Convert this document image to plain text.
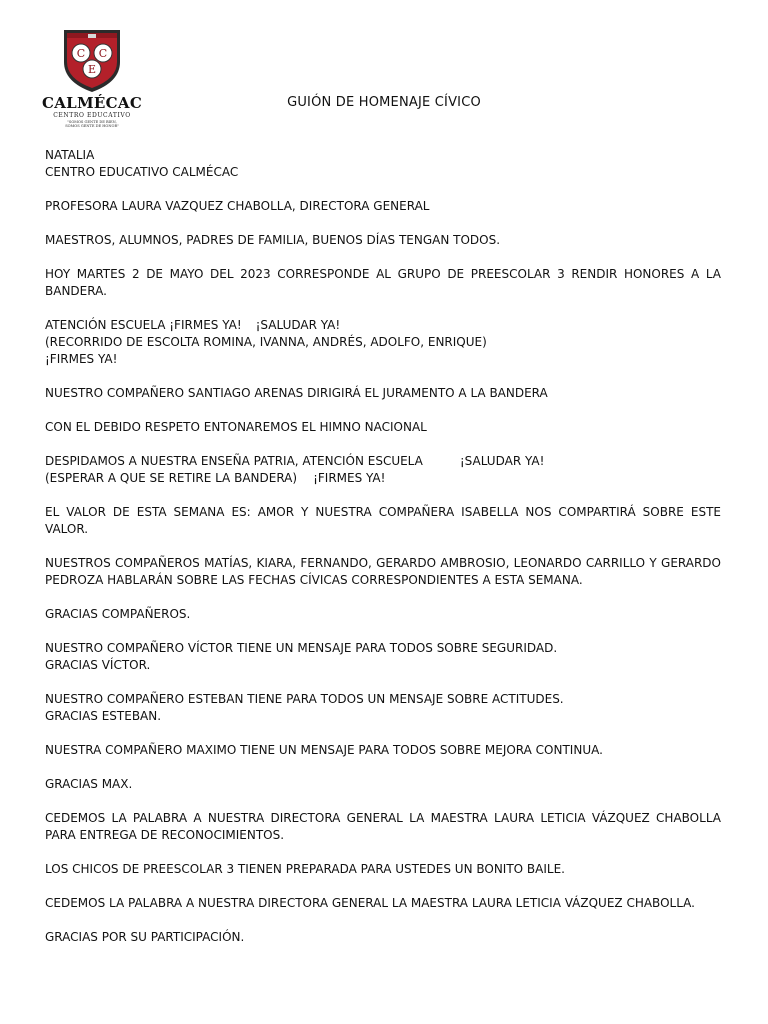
C C
E
CALMÉCAC
CENTRO EDUCATIVO
"SOMOS GENTE DE BIEN,
SOMOS GENTE DE HONOR"
GUIÓN DE HOMENAJE CÍVICO

NATALIA

CENTRO EDUCATIVO CALMÉCAC

PROFESORA LAURA VAZQUEZ CHABOLLA, DIRECTORA GENERAL

MAESTROS, ALUMNOS, PADRES DE FAMILIA, BUENOS DÍAS TENGAN TODOS.

HOY MARTES 2 DE MAYO DEL 2023 CORRESPONDE AL GRUPO DE PREESCOLAR 3 RENDIR HONORES A LA BANDERA.

ATENCIÓN ESCUELA ¡FIRMES YA! ¡SALUDAR YA!

(RECORRIDO DE ESCOLTA ROMINA, IVANNA, ANDRÉS, ADOLFO, ENRIQUE)

¡FIRMES YA!

NUESTRO COMPAÑERO SANTIAGO ARENAS DIRIGIRÁ EL JURAMENTO A LA BANDERA

CON EL DEBIDO RESPETO ENTONAREMOS EL HIMNO NACIONAL

DESPIDAMOS A NUESTRA ENSEÑA PATRIA, ATENCIÓN ESCUELA	¡SALUDAR YA!

(ESPERAR A QUE SE RETIRE LA BANDERA) ¡FIRMES YA!

EL VALOR DE ESTA SEMANA ES: AMOR Y NUESTRA COMPAÑERA ISABELLA NOS COMPARTIRÁ SOBRE ESTE VALOR.

NUESTROS COMPAÑEROS MATÍAS, KIARA, FERNANDO, GERARDO AMBROSIO, LEONARDO CARRILLO Y GERARDO PEDROZA HABLARÁN SOBRE LAS FECHAS CÍVICAS CORRESPONDIENTES A ESTA SEMANA.

GRACIAS COMPAÑEROS.

NUESTRO COMPAÑERO VÍCTOR TIENE UN MENSAJE PARA TODOS SOBRE SEGURIDAD.

GRACIAS VÍCTOR.

NUESTRO COMPAÑERO ESTEBAN TIENE PARA TODOS UN MENSAJE SOBRE ACTITUDES.

GRACIAS ESTEBAN.

NUESTRA COMPAÑERO MAXIMO TIENE UN MENSAJE PARA TODOS SOBRE MEJORA CONTINUA.

GRACIAS MAX.

CEDEMOS LA PALABRA A NUESTRA DIRECTORA GENERAL LA MAESTRA LAURA LETICIA VÁZQUEZ CHABOLLA PARA ENTREGA DE RECONOCIMIENTOS.

LOS CHICOS DE PREESCOLAR 3 TIENEN PREPARADA PARA USTEDES UN BONITO BAILE.

CEDEMOS LA PALABRA A NUESTRA DIRECTORA GENERAL LA MAESTRA LAURA LETICIA VÁZQUEZ CHABOLLA.

GRACIAS POR SU PARTICIPACIÓN.
